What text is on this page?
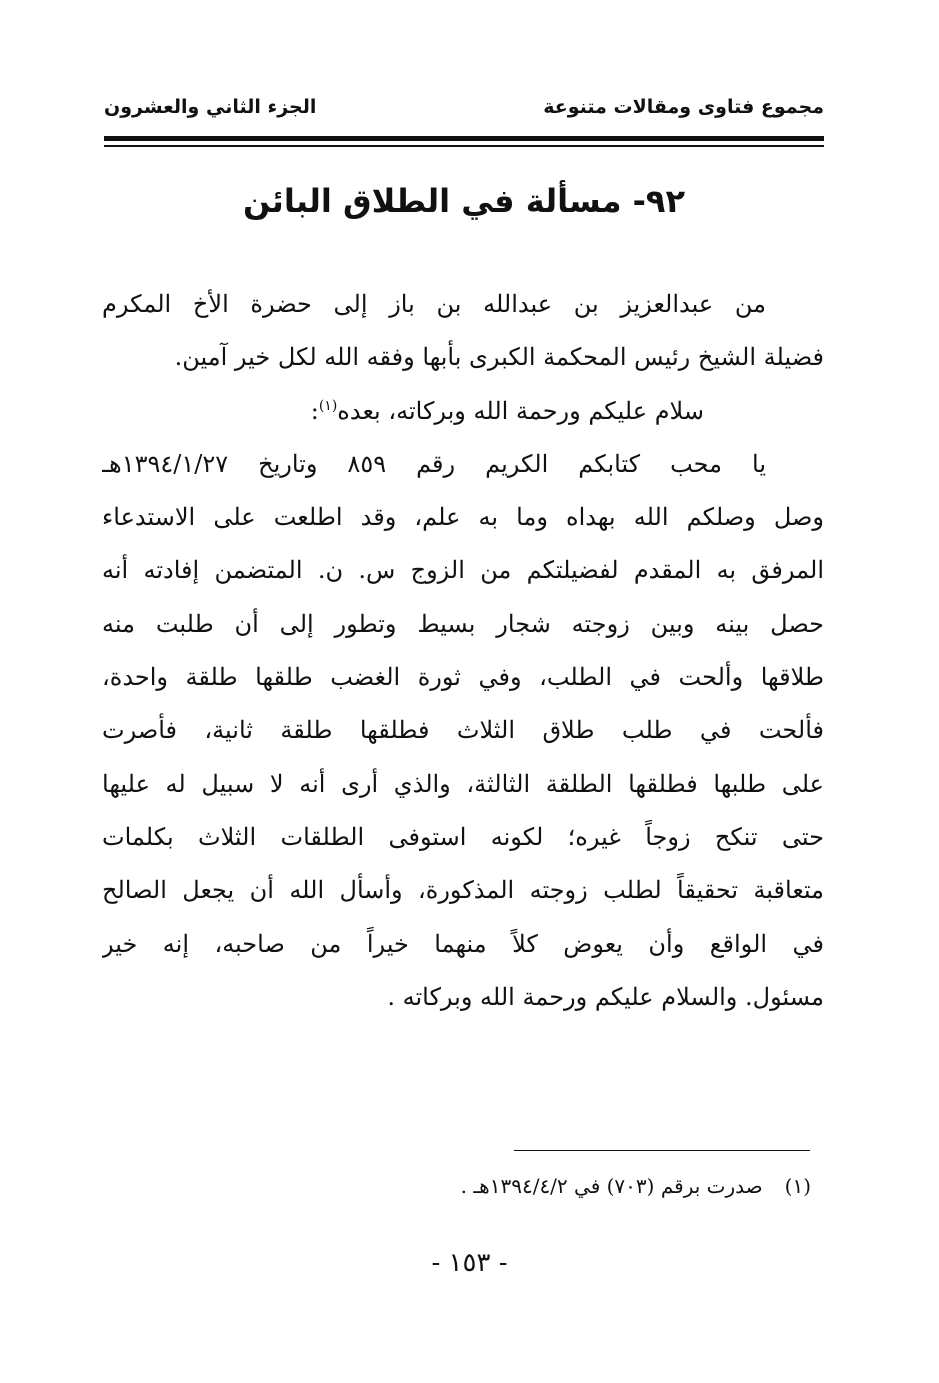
مجموع فتاوى ومقالات متنوعة
الجزء الثاني والعشرون
٩٢- مسألة في الطلاق البائن
من عبدالعزيز بن عبدالله بن باز إلى حضرة الأخ المكرم
فضيلة الشيخ رئيس المحكمة الكبرى بأبها وفقه الله لكل خير آمين.
سلام عليكم ورحمة الله وبركاته، بعده$^{(١)}$:
يا محب كتابكم الكريم رقم ٨٥٩ وتاريخ ١٣٩٤/١/٢٧هـ
وصل وصلكم الله بهداه وما به علم، وقد اطلعت على الاستدعاء
المرفق به المقدم لفضيلتكم من الزوج س. ن. المتضمن إفادته أنه
حصل بينه وبين زوجته شجار بسيط وتطور إلى أن طلبت منه
طلاقها وألحت في الطلب، وفي ثورة الغضب طلقها طلقة واحدة،
فألحت في طلب طلاق الثلاث فطلقها طلقة ثانية، فأصرت
على طلبها فطلقها الطلقة الثالثة، والذي أرى أنه لا سبيل له عليها
حتى تنكح زوجاً غيره؛ لكونه استوفى الطلقات الثلاث بكلمات
متعاقبة تحقيقاً لطلب زوجته المذكورة، وأسأل الله أن يجعل الصالح
في الواقع وأن يعوض كلاً منهما خيراً من صاحبه، إنه خير
مسئول. والسلام عليكم ورحمة الله وبركاته .
(١)صدرت برقم (٧٠٣) في ١٣٩٤/٤/٢هـ .
- ١٥٣ -
